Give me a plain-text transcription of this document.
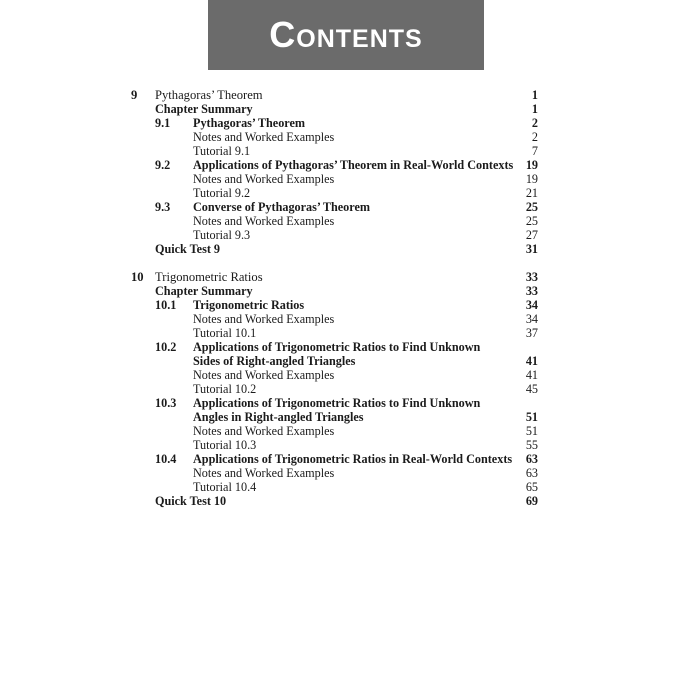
Contents
9 Pythagoras’ Theorem	1
Chapter Summary	1
9.1 Pythagoras’ Theorem	2
Notes and Worked Examples	2
Tutorial 9.1	7
9.2 Applications of Pythagoras’ Theorem in Real-World Contexts 19
Notes and Worked Examples	19
Tutorial 9.2	21
9.3 Converse of Pythagoras’ Theorem	25
Notes and Worked Examples	25
Tutorial 9.3	27
Quick Test 9	31
10 Trigonometric Ratios	33
Chapter Summary	33
10.1 Trigonometric Ratios	34
Notes and Worked Examples	34
Tutorial 10.1	37
10.2 Applications of Trigonometric Ratios to Find Unknown
Sides of Right-angled Triangles	41
Notes and Worked Examples	41
Tutorial 10.2	45
10.3 Applications of Trigonometric Ratios to Find Unknown
Angles in Right-angled Triangles	51
Notes and Worked Examples	51
Tutorial 10.3	55
10.4 Applications of Trigonometric Ratios in Real-World Contexts 63
Notes and Worked Examples	63
Tutorial 10.4	65
Quick Test 10	69
